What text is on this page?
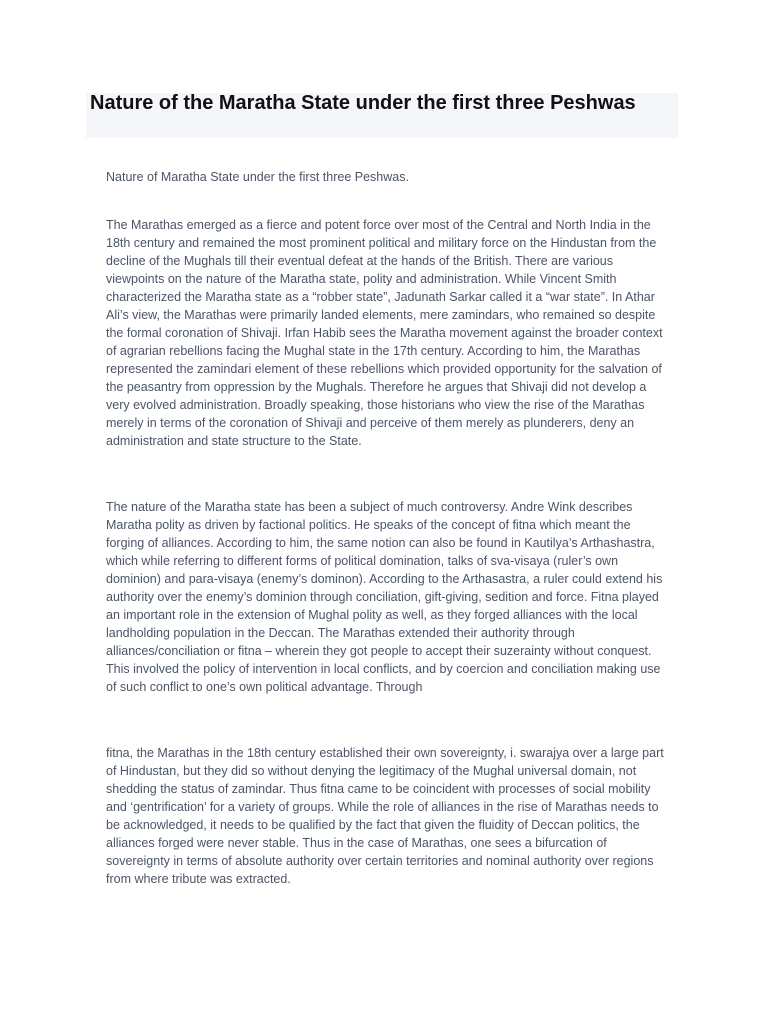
Nature of the Maratha State under the first three Peshwas

Nature of Maratha State under the first three Peshwas.

The Marathas emerged as a fierce and potent force over most of the Central and North India in the 18th century and remained the most prominent political and military force on the Hindustan from the decline of the Mughals till their eventual defeat at the hands of the British. There are various viewpoints on the nature of the Maratha state, polity and administration. While Vincent Smith characterized the Maratha state as a “robber state”, Jadunath Sarkar called it a “war state”. In Athar Ali’s view, the Marathas were primarily landed elements, mere zamindars, who remained so despite the formal coronation of Shivaji. Irfan Habib sees the Maratha movement against the broader context of agrarian rebellions facing the Mughal state in the 17th century. According to him, the Marathas represented the zamindari element of these rebellions which provided opportunity for the salvation of the peasantry from oppression by the Mughals. Therefore he argues that Shivaji did not develop a very evolved administration. Broadly speaking, those historians who view the rise of the Marathas merely in terms of the coronation of Shivaji and perceive of them merely as plunderers, deny an administration and state structure to the State.

The nature of the Maratha state has been a subject of much controversy. Andre Wink describes Maratha polity as driven by factional politics. He speaks of the concept of fitna which meant the forging of alliances. According to him, the same notion can also be found in Kautilya’s Arthashastra, which while referring to different forms of political domination, talks of sva-visaya (ruler’s own dominion) and para-visaya (enemy’s dominon). According to the Arthasastra, a ruler could extend his authority over the enemy’s dominion through conciliation, gift-giving, sedition and force. Fitna played an important role in the extension of Mughal polity as well, as they forged alliances with the local landholding population in the Deccan. The Marathas extended their authority through alliances/conciliation or fitna – wherein they got people to accept their suzerainty without conquest. This involved the policy of intervention in local conflicts, and by coercion and conciliation making use of such conflict to one’s own political advantage. Through

fitna, the Marathas in the 18th century established their own sovereignty, i. swarajya over a large part of Hindustan, but they did so without denying the legitimacy of the Mughal universal domain, not shedding the status of zamindar. Thus fitna came to be coincident with processes of social mobility and ‘gentrification’ for a variety of groups. While the role of alliances in the rise of Marathas needs to be acknowledged, it needs to be qualified by the fact that given the fluidity of Deccan politics, the alliances forged were never stable. Thus in the case of Marathas, one sees a bifurcation of sovereignty in terms of absolute authority over certain territories and nominal authority over regions from where tribute was extracted.
